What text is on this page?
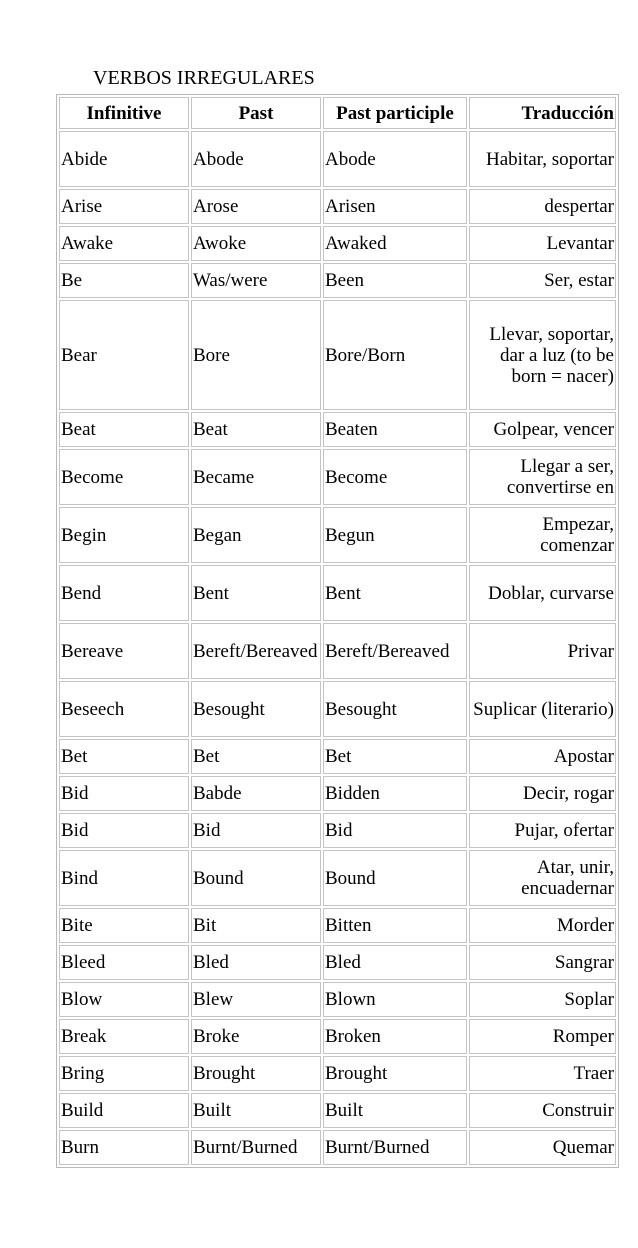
VERBOS IRREGULARES
Infinitive	Past	Past participle	Traducción
Abide	Abode	Abode	Habitar, soportar
Arise	Arose	Arisen	despertar
Awake	Awoke	Awaked	Levantar
Be	Was/were	Been	Ser, estar
Bear	Bore	Bore/Born	Llevar, soportar, dar a luz (to be born = nacer)
Beat	Beat	Beaten	Golpear, vencer
Become	Became	Become	Llegar a ser, convertirse en
Begin	Began	Begun	Empezar, comenzar
Bend	Bent	Bent	Doblar, curvarse
Bereave	Bereft/Bereaved	Bereft/Bereaved	Privar
Beseech	Besought	Besought	Suplicar (literario)
Bet	Bet	Bet	Apostar
Bid	Babde	Bidden	Decir, rogar
Bid	Bid	Bid	Pujar, ofertar
Bind	Bound	Bound	Atar, unir, encuadernar
Bite	Bit	Bitten	Morder
Bleed	Bled	Bled	Sangrar
Blow	Blew	Blown	Soplar
Break	Broke	Broken	Romper
Bring	Brought	Brought	Traer
Build	Built	Built	Construir
Burn	Burnt/Burned	Burnt/Burned	Quemar
